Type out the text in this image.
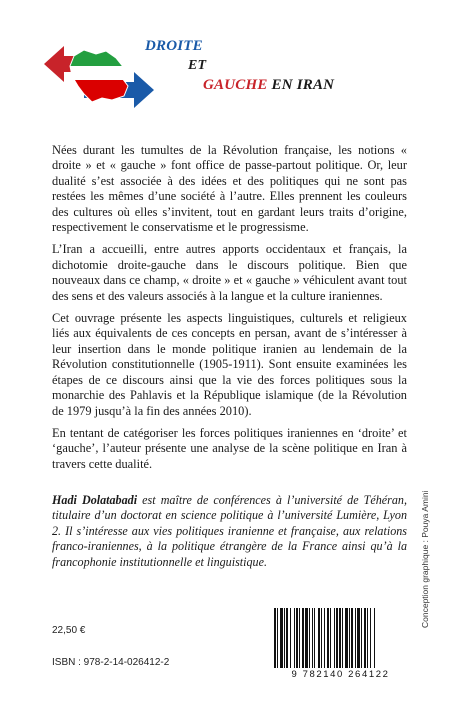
DROITE
ET
GAUCHE EN IRAN

Nées durant les tumultes de la Révolution française, les notions « droite » et « gauche » font office de passe-partout politique. Or, leur dualité s’est associée à des idées et des politiques qui ne sont pas restées les mêmes d’une société à l’autre. Elles prennent les couleurs des cultures où elles s’invitent, tout en gardant leurs traits d’origine, respectivement le conservatisme et le progressisme.

L’Iran a accueilli, entre autres apports occidentaux et français, la dichotomie droite-gauche dans le discours politique. Bien que nouveaux dans ce champ, « droite » et « gauche » véhiculent avant tout des sens et des valeurs associés à la langue et la culture iraniennes.

Cet ouvrage présente les aspects linguistiques, culturels et religieux liés aux équivalents de ces concepts en persan, avant de s’intéresser à leur insertion dans le monde politique iranien au lendemain de la Révolution constitutionnelle (1905-1911). Sont ensuite examinées les étapes de ce discours ainsi que la vie des forces politiques sous la monarchie des Pahlavis et la République islamique (de la Révolution de 1979 jusqu’à la fin des années 2010).

En tentant de catégoriser les forces politiques iraniennes en ‘droite’ et ‘gauche’, l’auteur présente une analyse de la scène politique en Iran à travers cette dualité.

Hadi Dolatabadi est maître de conférences à l’université de Téhéran, titulaire d’un doctorat en science politique à l’université Lumière, Lyon 2. Il s’intéresse aux vies politiques iranienne et française, aux relations franco-iraniennes, à la politique étrangère de la France ainsi qu’à la francophonie institutionnelle et linguistique.	Conception graphique : Pouya Amini
22,50 €
ISBN : 978-2-14-026412-2
9 782140 264122
